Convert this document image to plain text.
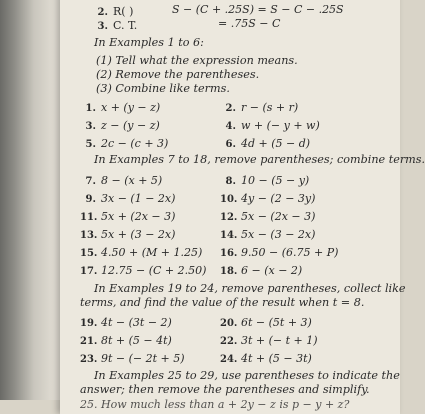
2. R( )	S − (C + .25S) = S − C − .25S
3. C. T.	= .75S − C
In Examples 1 to 6:
(1) Tell what the expression means.
(2) Remove the parentheses.
(3) Combine like terms.
1. x + (y − z)	2. r − (s + r)
3. z − (y − z)	4. w + (− y + w)
5. 2c − (c + 3)	6. 4d + (5 − d)
In Examples 7 to 18, remove parentheses; combine terms.
7. 8 − (x + 5)	8. 10 − (5 − y)
9. 3x − (1 − 2x)	10. 4y − (2 − 3y)
11. 5x + (2x − 3)	12. 5x − (2x − 3)
13. 5x + (3 − 2x)	14. 5x − (3 − 2x)
15. 4.50 + (M + 1.25) 16. 9.50 − (6.75 + P)
17. 12.75 − (C + 2.50) 18. 6 − (x − 2)
In Examples 19 to 24, remove parentheses, collect like
terms, and find the value of the result when t = 8.
19. 4t − (3t − 2)	20. 6t − (5t + 3)
21. 8t + (5 − 4t)	22. 3t + (− t + 1)
23. 9t − (− 2t + 5)	24. 4t + (5 − 3t)
In Examples 25 to 29, use parentheses to indicate the
answer; then remove the parentheses and simplify.
25. How much less than a + 2y − z is p − y + z?
